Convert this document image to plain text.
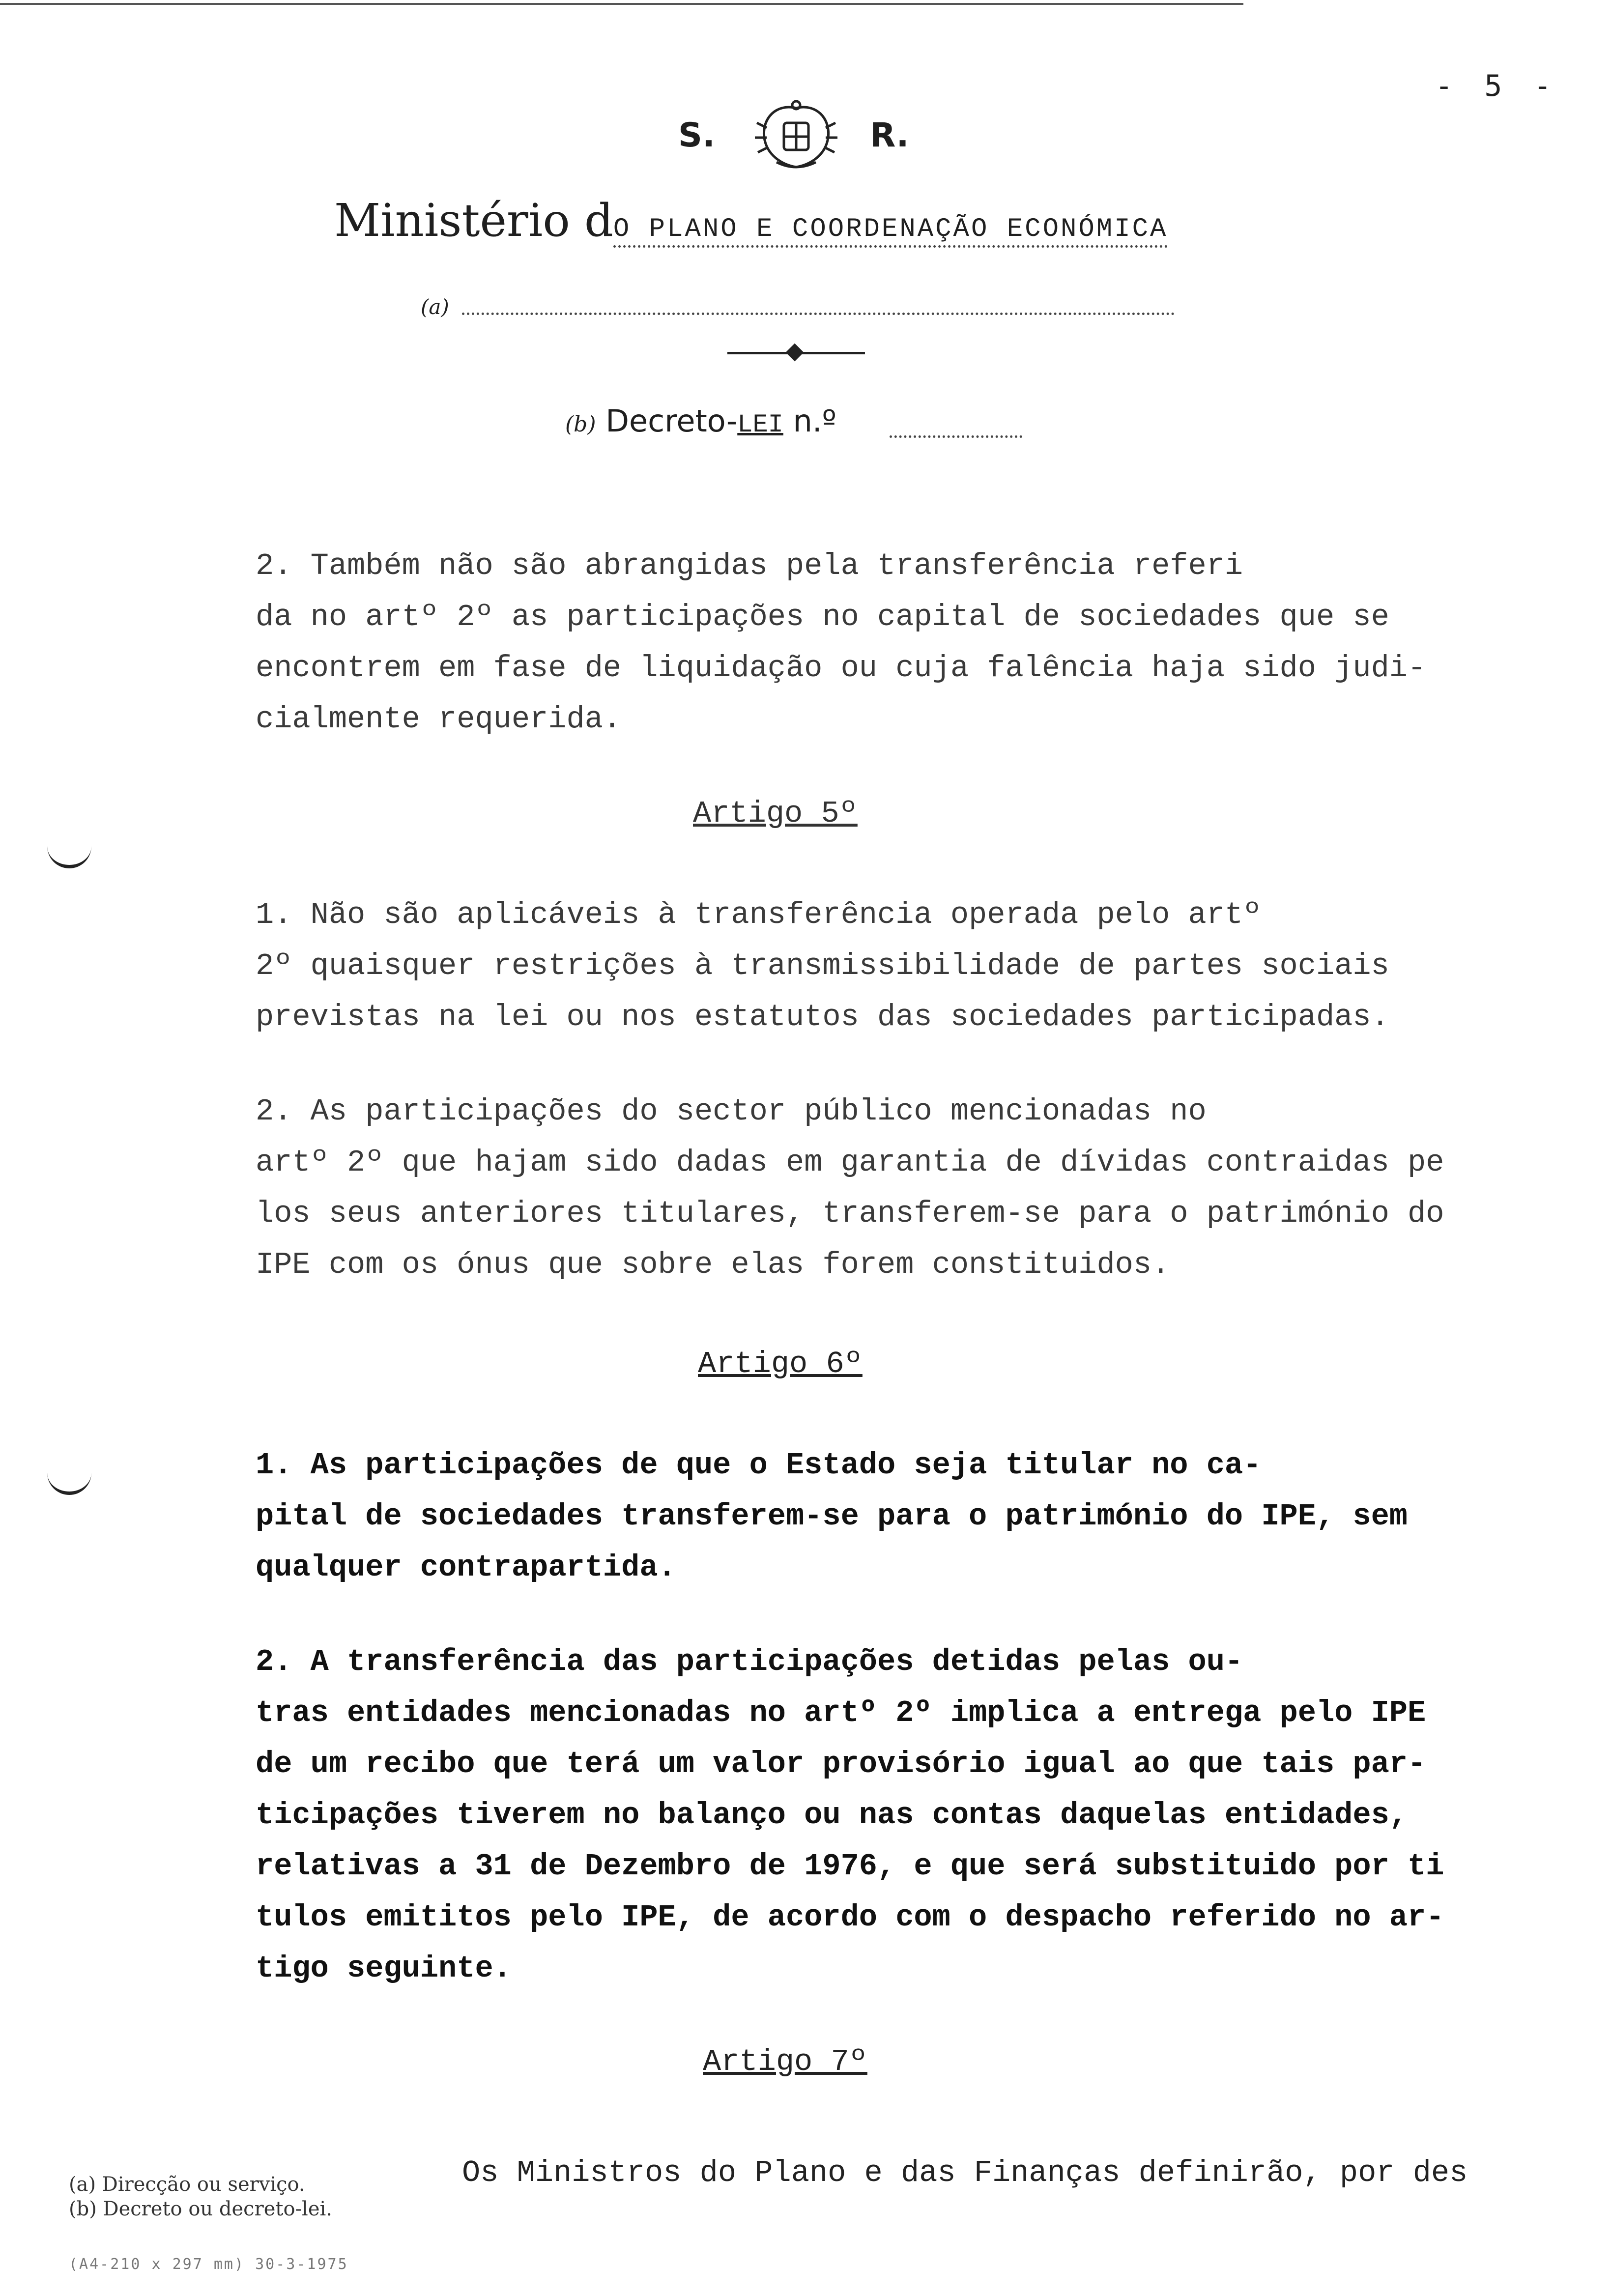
- 5 -
S.	R.
Ministério dO PLANO E COORDENAÇÃO ECONÓMICA
(a)
(b) Decreto-LEI n.º
2. Também não são abrangidas pela transferência referi
da no artº 2º as participações no capital de sociedades que se
encontrem em fase de liquidação ou cuja falência haja sido judi-
cialmente requerida.
Artigo 5º
1. Não são aplicáveis à transferência operada pelo artº
2º quaisquer restrições à transmissibilidade de partes sociais
previstas na lei ou nos estatutos das sociedades participadas.
2. As participações do sector público mencionadas no
artº 2º que hajam sido dadas em garantia de dívidas contraidas pe
los seus anteriores titulares, transferem-se para o património do
IPE com os ónus que sobre elas forem constituidos.
Artigo 6º
1. As participações de que o Estado seja titular no ca-
pital de sociedades transferem-se para o património do IPE, sem
qualquer contrapartida.
2. A transferência das participações detidas pelas ou-
tras entidades mencionadas no artº 2º implica a entrega pelo IPE
de um recibo que terá um valor provisório igual ao que tais par-
ticipações tiverem no balanço ou nas contas daquelas entidades,
relativas a 31 de Dezembro de 1976, e que será substituido por ti
tulos emititos pelo IPE, de acordo com o despacho referido no ar-
tigo seguinte.
Artigo 7º
Os Ministros do Plano e das Finanças definirão, por des
(a) Direcção ou serviço.
(b) Decreto ou decreto-lei.
(A4-210 x 297 mm) 30-3-1975
